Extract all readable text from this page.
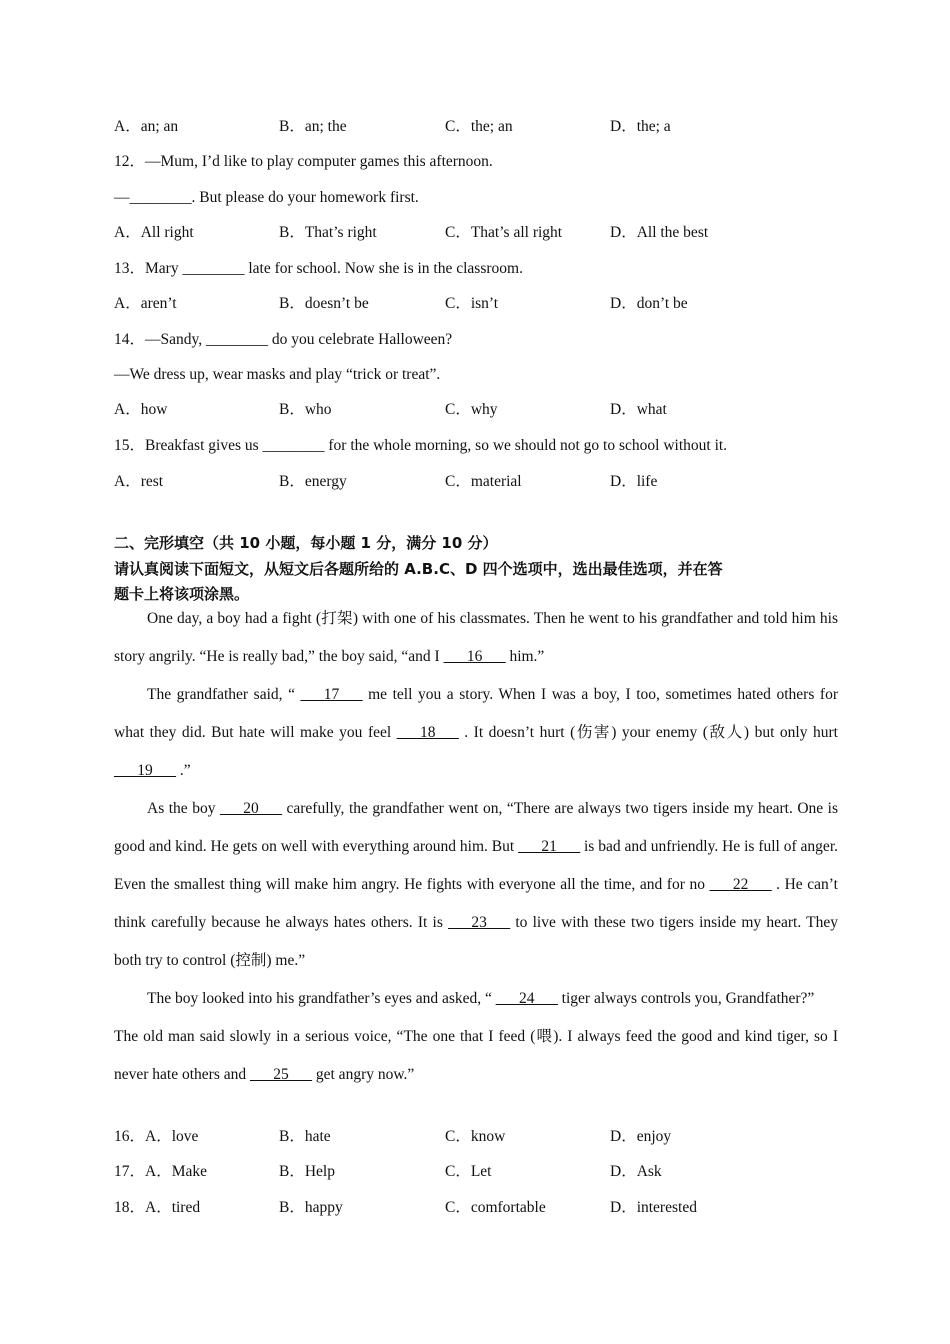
A．an; an	B．an; the	C．the; an	D．the; a
12．—Mum, I’d like to play computer games this afternoon.
—________. But please do your homework first.
A．All right	B．That’s right	C．That’s all right	D．All the best
13．Mary ________ late for school. Now she is in the classroom.
A．aren’t	B．doesn’t be	C．isn’t	D．don’t be
14．—Sandy, ________ do you celebrate Halloween?
—We dress up, wear masks and play “trick or treat”.
A．how	B．who	C．why	D．what
15．Breakfast gives us ________ for the whole morning, so we should not go to school without it.
A．rest	B．energy	C．material	D．life
二、完形填空（共 10 小题，每小题 1 分，满分 10 分）
请认真阅读下面短文，从短文后各题所给的 A.B.C、D 四个选项中，选出最佳选项，并在答
题卡上将该项涂黑。

One day, a boy had a fight (打架) with one of his classmates. Then he went to his grandfather and told him his story angrily. “He is really bad,” the boy said, “and I ___16___ him.”

The grandfather said, “ ___17___ me tell you a story. When I was a boy, I too, sometimes hated others for what they did. But hate will make you feel ___18___ . It doesn’t hurt (伤害) your enemy (敌人) but only hurt ___19___ .”

As the boy ___20___ carefully, the grandfather went on, “There are always two tigers inside my heart. One is good and kind. He gets on well with everything around him. But ___21___ is bad and unfriendly. He is full of anger. Even the smallest thing will make him angry. He fights with everyone all the time, and for no ___22___ . He can’t think carefully because he always hates others. It is ___23___ to live with these two tigers inside my heart. They both try to control (控制) me.”

The boy looked into his grandfather’s eyes and asked, “ ___24___ tiger always controls you, Grandfather?”

The old man said slowly in a serious voice, “The one that I feed (喂). I always feed the good and kind tiger, so I never hate others and ___25___ get angry now.”

16．A．love	B．hate	C．know	D．enjoy
17．A．Make	B．Help	C．Let	D．Ask
18．A．tired	B．happy	C．comfortable	D．interested
